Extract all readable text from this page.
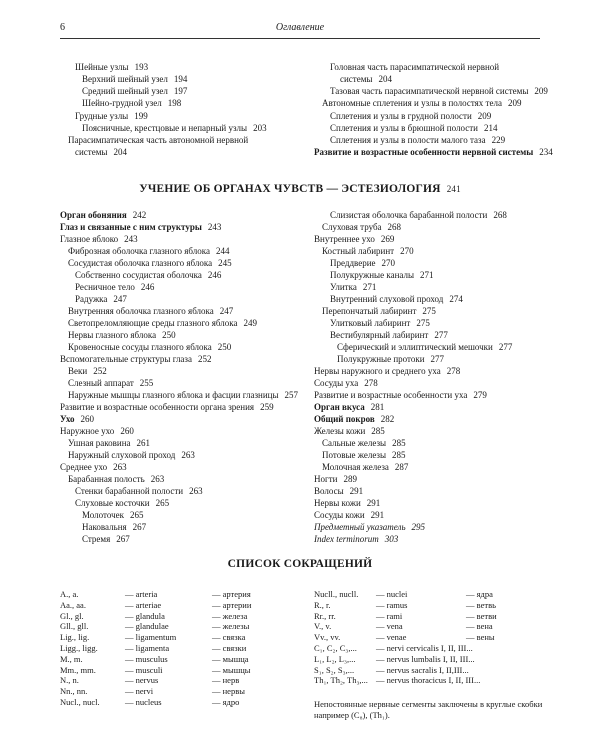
6	Оглавление
Шейные узлы 193
Верхний шейный узел 194
Средний шейный узел 197
Шейно-грудной узел 198
Грудные узлы 199
Поясничные, крестцовые и непарный узлы 203
Парасимпатическая часть автономной нервной
системы 204
Головная часть парасимпатической нервной
системы 204
Тазовая часть парасимпатической нервной системы 209
Автономные сплетения и узлы в полостях тела 209
Сплетения и узлы в грудной полости 209
Сплетения и узлы в брюшной полости 214
Сплетения и узлы в полости малого таза 229
Развитие и возрастные особенности нервной системы 234
УЧЕНИЕ ОБ ОРГАНАХ ЧУВСТВ — ЭСТЕЗИОЛОГИЯ 241
Орган обоняния 242
Глаз и связанные с ним структуры 243
Глазное яблоко 243
Фиброзная оболочка глазного яблока 244
Сосудистая оболочка глазного яблока 245
Собственно сосудистая оболочка 246
Ресничное тело 246
Радужка 247
Внутренняя оболочка глазного яблока 247
Светопреломляющие среды глазного яблока 249
Нервы глазного яблока 250
Кровеносные сосуды глазного яблока 250
Вспомогательные структуры глаза 252
Веки 252
Слезный аппарат 255
Наружные мышцы глазного яблока и фасции глазницы 257
Развитие и возрастные особенности органа зрения 259
Ухо 260
Наружное ухо 260
Ушная раковина 261
Наружный слуховой проход 263
Среднее ухо 263
Барабанная полость 263
Стенки барабанной полости 263
Слуховые косточки 265
Молоточек 265
Наковальня 267
Стремя 267
Слизистая оболочка барабанной полости 268
Слуховая труба 268
Внутреннее ухо 269
Костный лабиринт 270
Преддверие 270
Полукружные каналы 271
Улитка 271
Внутренний слуховой проход 274
Перепончатый лабиринт 275
Улитковый лабиринт 275
Вестибулярный лабиринт 277
Сферический и эллиптический мешочки 277
Полукружные протоки 277
Нервы наружного и среднего уха 278
Сосуды уха 278
Развитие и возрастные особенности уха 279
Орган вкуса 281
Общий покров 282
Железы кожи 285
Сальные железы 285
Потовые железы 285
Молочная железа 287
Ногти 289
Волосы 291
Нервы кожи 291
Сосуды кожи 291
Предметный указатель 295
Index terminorum 303
СПИСОК СОКРАЩЕНИЙ
A., a.	— arteria	— артерия
Aa., aa.	— arteriae	— артерии
Gl., gl.	— glandula	— железа
Gll., gll.	— glandulae	— железы
Lig., lig.	— ligamentum	— связка
Ligg., ligg.	— ligamenta	— связки
M., m.	— musculus	— мышца
Mm., mm.	— musculi	— мышцы
N., n.	— nervus	— нерв
Nn., nn.	— nervi	— нервы
Nucl., nucl.	— nucleus	— ядро
Nucll., nucll. — nuclei	— ядра
R., r.	— ramus	— ветвь
Rr., rr.	— rami	— ветви
V., v.	— vena	— вена
Vv., vv.	— venae	— вены
C₁, C₂, C₃,... — nervi cervicalis I, II, III...
L₁, L₂, L₃,... — nervus lumbalis I, II, III...
S₁, S₂, S₃,...	— nervus sacralis I, II,III...
Th₁, Th₂, Th₃,... — nervus thoracicus I, II, III...
Непостоянные нервные сегменты заключены в круглые скобки например (C₈), (Th₁).
